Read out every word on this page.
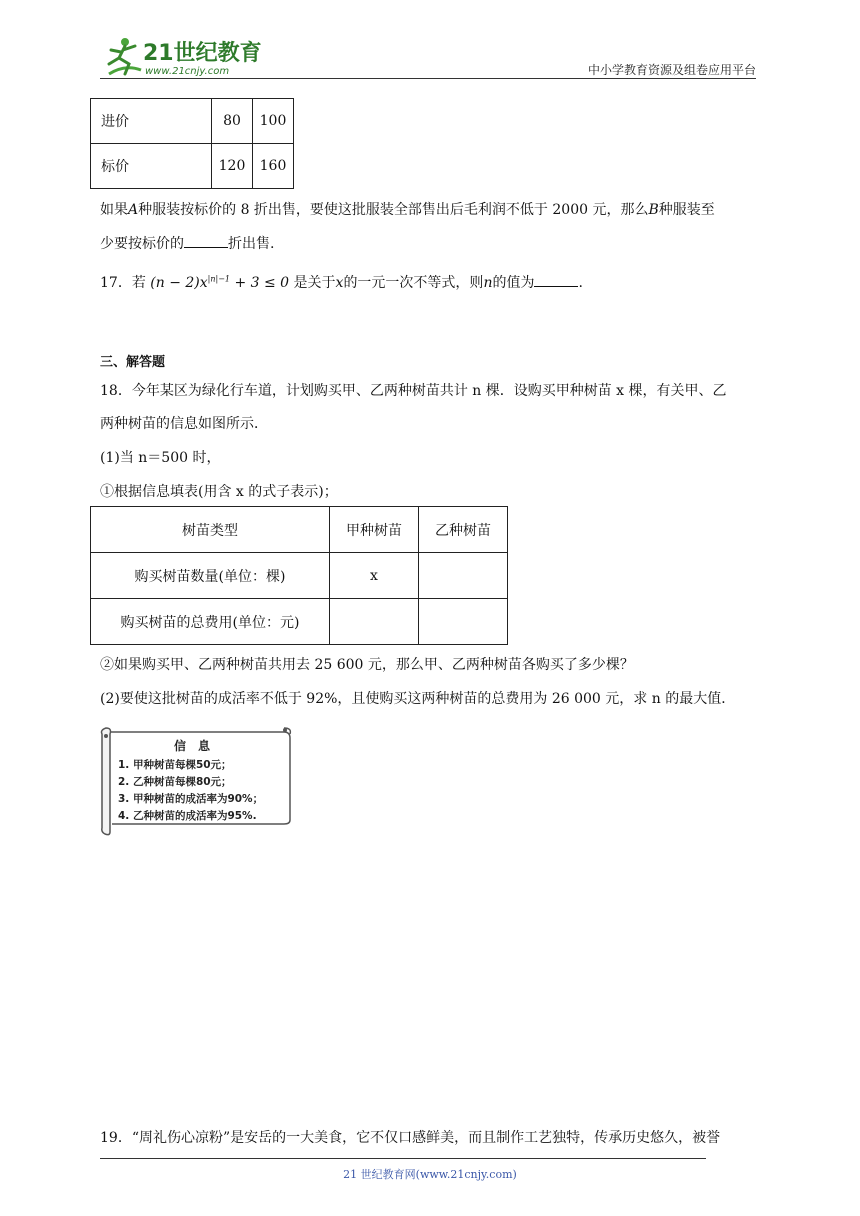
21世纪教育
www.21cnjy.com	中小学教育资源及组卷应用平台
进价	80	100
标价	120	160
如果A种服装按标价的 8 折出售，要使这批服装全部售出后毛利润不低于 2000 元，那么B种服装至
少要按标价的	折出售.
17．若 $(n - 2)x^{|n|-1} + 3 \le 0$ 是关于x的一元一次不等式，则n的值为	.
三、解答题
18．今年某区为绿化行车道，计划购买甲、乙两种树苗共计 n 棵．设购买甲种树苗 x 棵，有关甲、乙
两种树苗的信息如图所示．
(1)当 n＝500 时，
①根据信息填表(用含 x 的式子表示)；
树苗类型	甲种树苗	乙种树苗
购买树苗数量(单位：棵)	x	
购买树苗的总费用(单位：元)		
②如果购买甲、乙两种树苗共用去 25 600 元，那么甲、乙两种树苗各购买了多少棵？
(2)要使这批树苗的成活率不低于 92%，且使购买这两种树苗的总费用为 26 000 元，求 n 的最大值．
信　息
1. 甲种树苗每棵50元；
2. 乙种树苗每棵80元；
3. 甲种树苗的成活率为90%；
4. 乙种树苗的成活率为95%.
19．“周礼伤心凉粉”是安岳的一大美食，它不仅口感鲜美，而且制作工艺独特，传承历史悠久，被誉
21 世纪教育网(www.21cnjy.com)
